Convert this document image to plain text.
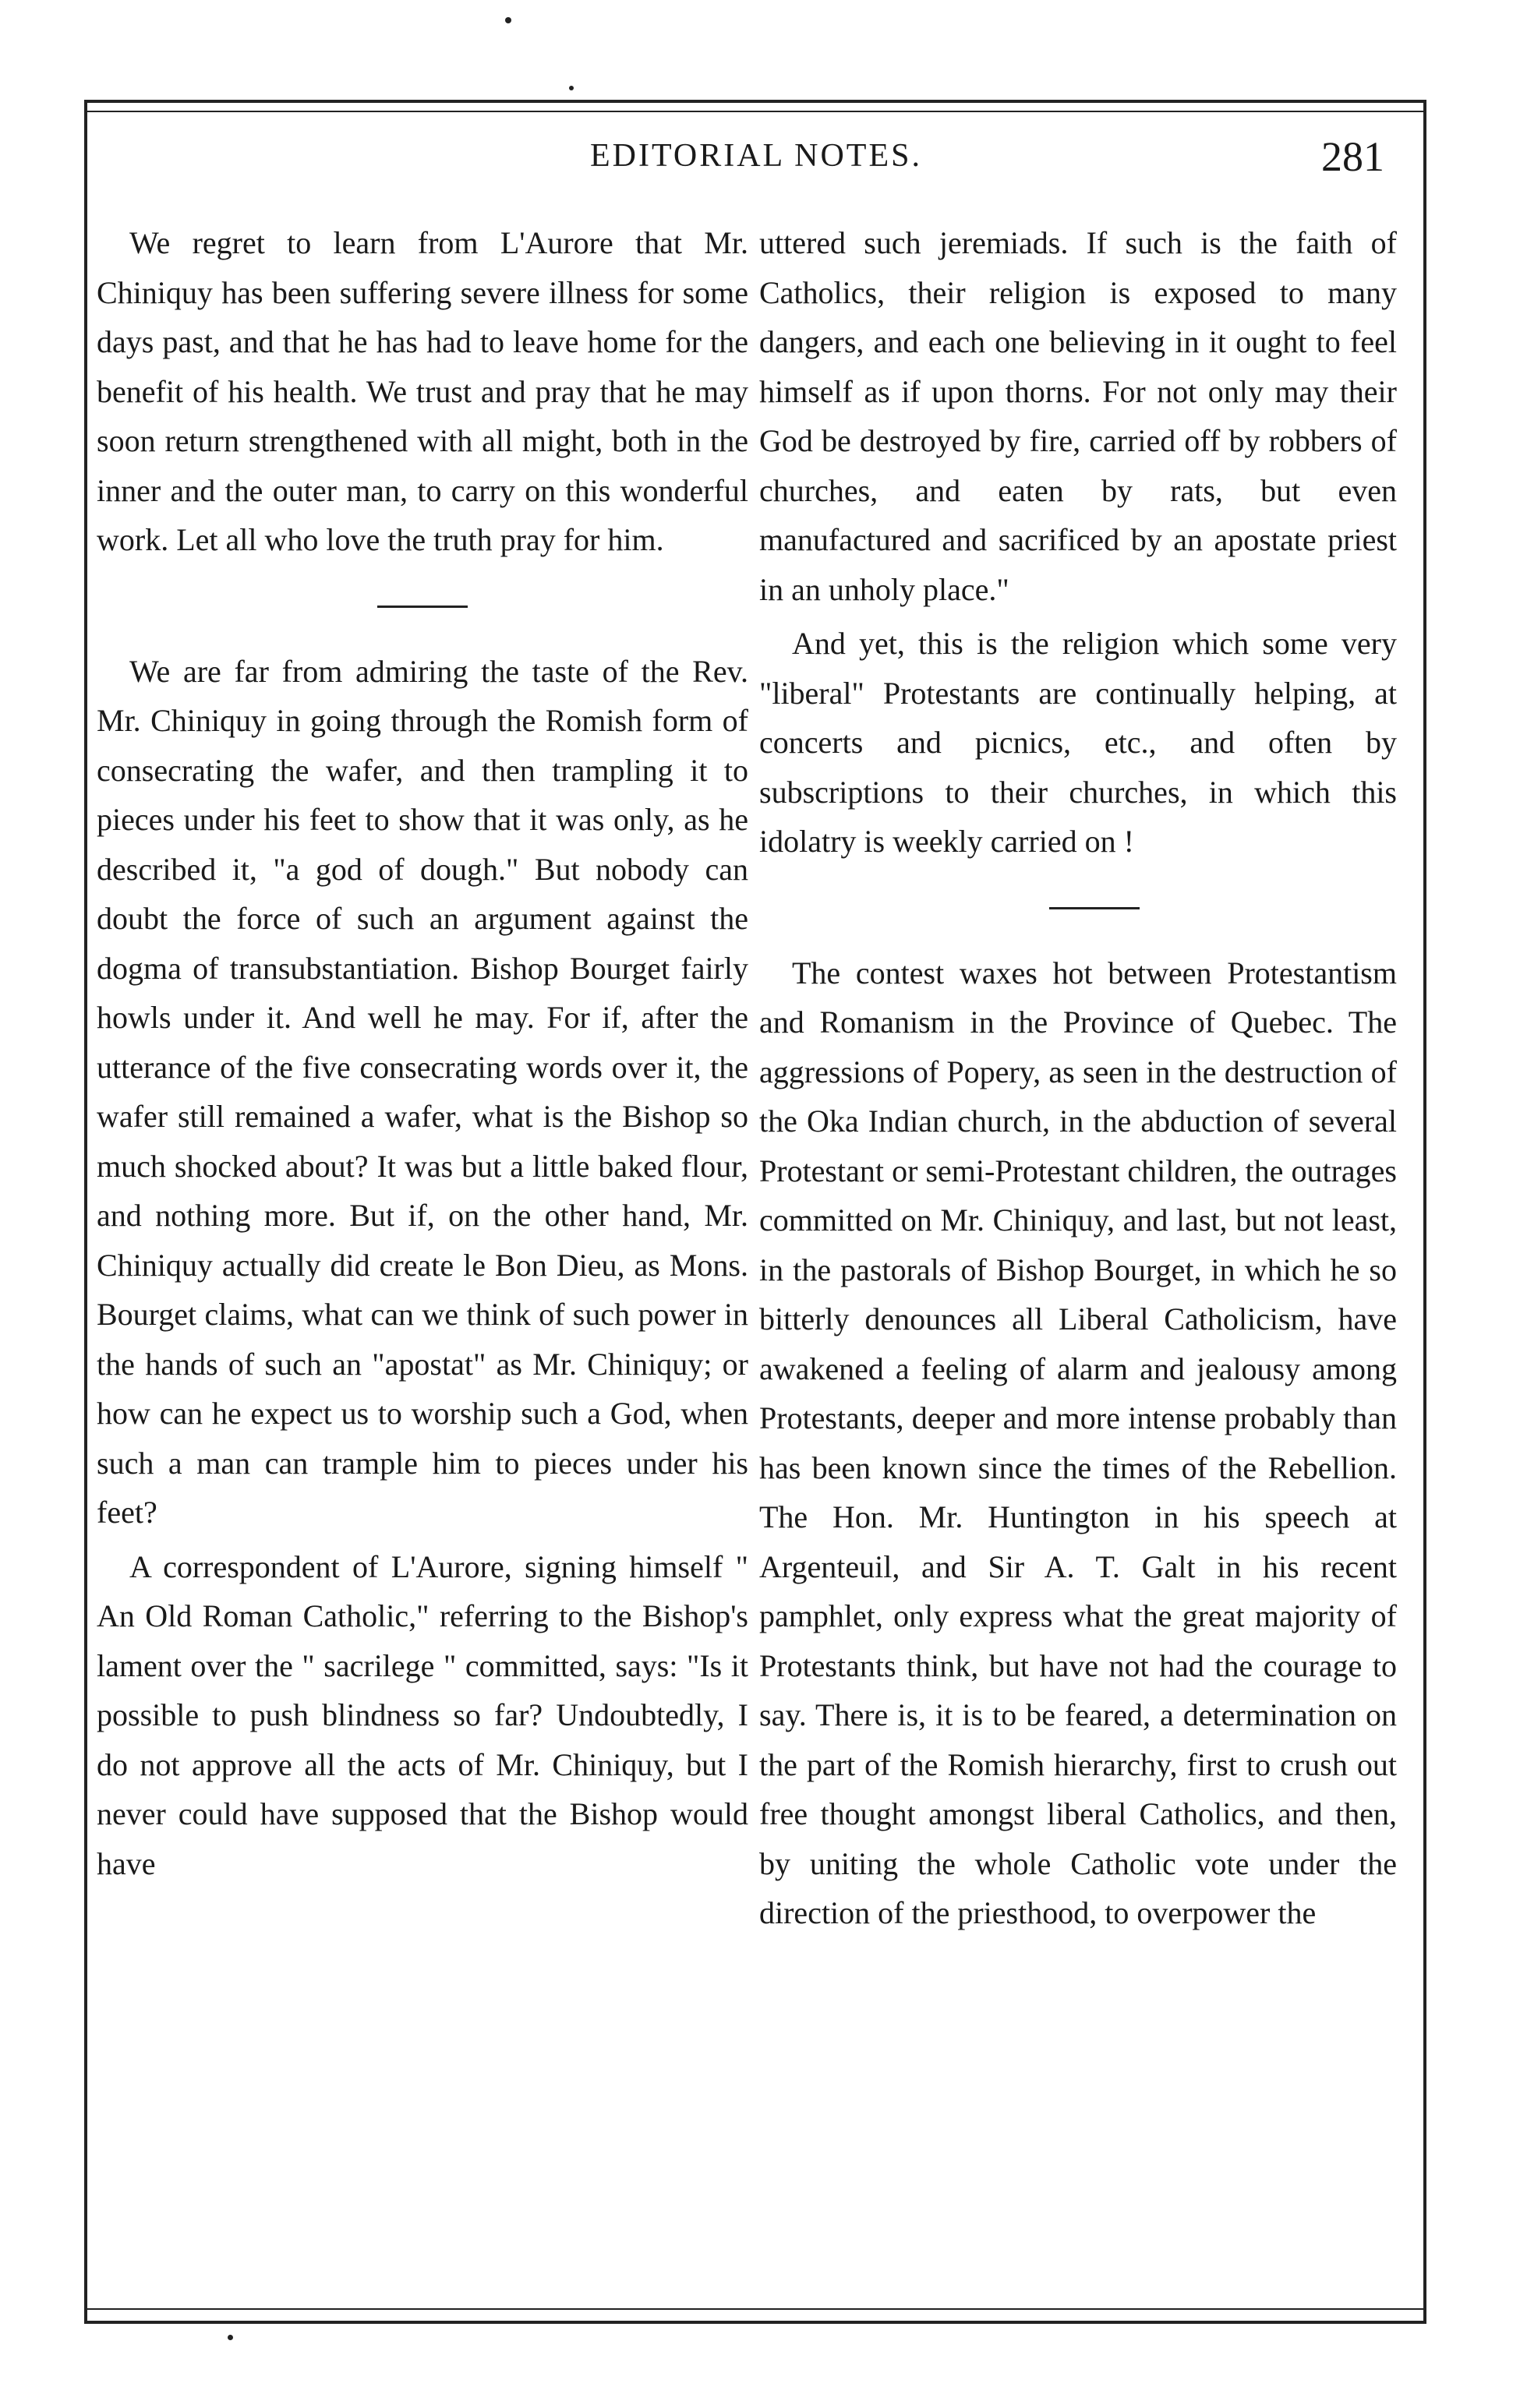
EDITORIAL NOTES.	281

We regret to learn from L'Aurore that Mr. Chiniquy has been suffering severe illness for some days past, and that he has had to leave home for the benefit of his health. We trust and pray that he may soon return strengthened with all might, both in the inner and the outer man, to carry on this wonderful work. Let all who love the truth pray for him.

We are far from admiring the taste of the Rev. Mr. Chiniquy in going through the Romish form of consecrating the wafer, and then trampling it to pieces under his feet to show that it was only, as he described it, "a god of dough." But nobody can doubt the force of such an argument against the dogma of transubstantiation. Bishop Bourget fairly howls under it. And well he may. For if, after the utterance of the five consecrating words over it, the wafer still remained a wafer, what is the Bishop so much shocked about? It was but a little baked flour, and nothing more. But if, on the other hand, Mr. Chiniquy actually did create le Bon Dieu, as Mons. Bourget claims, what can we think of such power in the hands of such an "apostat" as Mr. Chiniquy; or how can he expect us to worship such a God, when such a man can trample him to pieces under his feet?

A correspondent of L'Aurore, signing himself " An Old Roman Catholic," referring to the Bishop's lament over the " sacrilege " committed, says: "Is it possible to push blindness so far? Undoubtedly, I do not approve all the acts of Mr. Chiniquy, but I never could have supposed that the Bishop would have

uttered such jeremiads. If such is the faith of Catholics, their religion is exposed to many dangers, and each one believing in it ought to feel himself as if upon thorns. For not only may their God be destroyed by fire, carried off by robbers of churches, and eaten by rats, but even manufactured and sacrificed by an apostate priest in an unholy place."

And yet, this is the religion which some very "liberal" Protestants are continually helping, at concerts and picnics, etc., and often by subscriptions to their churches, in which this idolatry is weekly carried on !

The contest waxes hot between Protestantism and Romanism in the Province of Quebec. The aggressions of Popery, as seen in the destruction of the Oka Indian church, in the abduction of several Protestant or semi-Protestant children, the outrages committed on Mr. Chiniquy, and last, but not least, in the pastorals of Bishop Bourget, in which he so bitterly denounces all Liberal Catholicism, have awakened a feeling of alarm and jealousy among Protestants, deeper and more intense probably than has been known since the times of the Rebellion. The Hon. Mr. Huntington in his speech at Argenteuil, and Sir A. T. Galt in his recent pamphlet, only express what the great majority of Protestants think, but have not had the courage to say. There is, it is to be feared, a determination on the part of the Romish hierarchy, first to crush out free thought amongst liberal Catholics, and then, by uniting the whole Catholic vote under the direction of the priesthood, to overpower the
